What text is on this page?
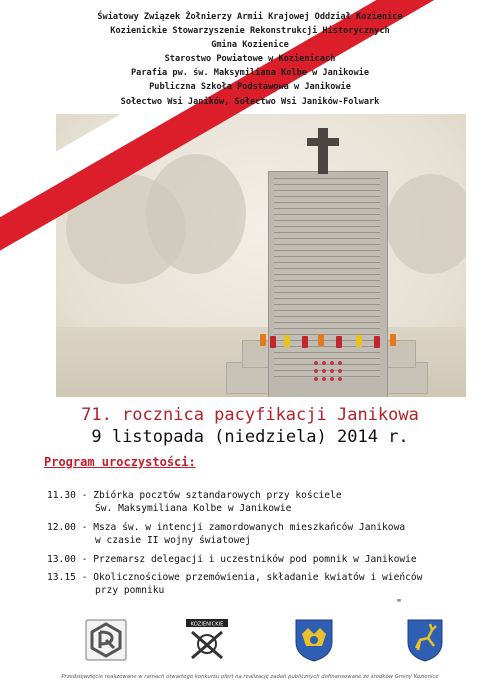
Światowy Związek Żołnierzy Armii Krajowej Oddział Kozienice
Kozienickie Stowarzyszenie Rekonstrukcji Historycznych
Gmina Kozienice
Starostwo Powiatowe w Kozienicach
Parafia pw. św. Maksymiliana Kolbe w Janikowie
Publiczna Szkoła Podstawowa w Janikowie
Sołectwo Wsi Janików, Sołectwo Wsi Janików-Folwark
71. rocznica pacyfikacji Janikowa
9 listopada (niedziela) 2014 r.
Program uroczystości:
11.30 - Zbiórka pocztów sztandarowych przy kościele
Św. Maksymiliana Kolbe w Janikowie
12.00 - Msza św. w intencji zamordowanych mieszkańców Janikowa
w czasie II wojny światowej
13.00 - Przemarsz delegacji i uczestników pod pomnik w Janikowie
13.15 - Okolicznościowe przemówienia, składanie kwiatów i wieńców
przy pomniku
"
KOZIENICKIE
Przedsięwzięcie realizowane w ramach otwartego konkursu ofert na realizację zadań publicznych dofinansowane ze środków Gminy Kozienice
